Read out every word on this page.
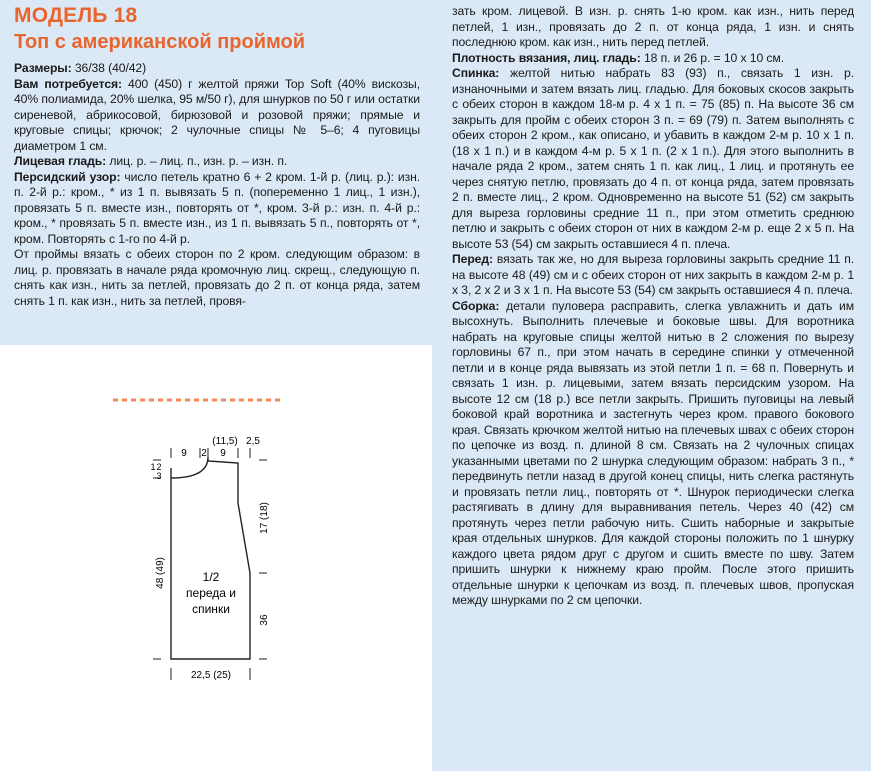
МОДЕЛЬ 18
Топ с американской проймой

Размеры: 36/38 (40/42)

Вам потребуется: 400 (450) г желтой пряжи Top Soft (40% вискозы, 40% полиамида, 20% шелка, 95 м/50 г), для шнурков по 50 г или остатки сиреневой, абрикосовой, бирюзовой и розовой пряжи; прямые и круговые спицы; крючок; 2 чулочные спицы № 5–6; 4 пуговицы диаметром 1 см.

Лицевая гладь: лиц. р. – лиц. п., изн. р. – изн. п.

Персидский узор: число петель кратно 6 + 2 кром. 1-й р. (лиц. р.): изн. п. 2-й р.: кром., * из 1 п. вывязать 5 п. (попеременно 1 лиц., 1 изн.), провязать 5 п. вместе изн., повторять от *, кром. 3-й р.: изн. п. 4-й р.: кром., * провязать 5 п. вместе изн., из 1 п. вывязать 5 п., повторять от *, кром. Повторять с 1-го по 4-й р.

От проймы вязать с обеих сторон по 2 кром. следующим образом: в лиц. р. провязать в начале ряда кромочную лиц. скрещ., следующую п. снять как изн., нить за петлей, провязать до 2 п. от конца ряда, затем снять 1 п. как изн., нить за петлей, провя-

зать кром. лицевой. В изн. р. снять 1-ю кром. как изн., нить перед петлей, 1 изн., провязать до 2 п. от конца ряда, 1 изн. и снять последнюю кром. как изн., нить перед петлей.

Плотность вязания, лиц. гладь: 18 п. и 26 р. = 10 х 10 см.

Спинка: желтой нитью набрать 83 (93) п., связать 1 изн. р. изнаночными и затем вязать лиц. гладью. Для боковых скосов закрыть с обеих сторон в каждом 18-м р. 4 х 1 п. = 75 (85) п. На высоте 36 см закрыть для пройм с обеих сторон 3 п. = 69 (79) п. Затем выполнять с обеих сторон 2 кром., как описано, и убавить в каждом 2-м р. 10 х 1 п. (18 х 1 п.) и в каждом 4-м р. 5 х 1 п. (2 х 1 п.). Для этого выполнить в начале ряда 2 кром., затем снять 1 п. как лиц., 1 лиц. и протянуть ее через снятую петлю, провязать до 4 п. от конца ряда, затем провязать 2 п. вместе лиц., 2 кром. Одновременно на высоте 51 (52) см закрыть для выреза горловины средние 11 п., при этом отметить среднюю петлю и закрыть с обеих сторон от них в каждом 2-м р. еще 2 х 5 п. На высоте 53 (54) см закрыть оставшиеся 4 п. плеча.

Перед: вязать так же, но для выреза горловины закрыть средние 11 п. на высоте 48 (49) см и с обеих сторон от них закрыть в каждом 2-м р. 1 х 3, 2 х 2 и 3 х 1 п. На высоте 53 (54) см закрыть оставшиеся 4 п. плеча.

Сборка: детали пуловера расправить, слегка увлажнить и дать им высохнуть. Выполнить плечевые и боковые швы. Для воротника набрать на круговые спицы желтой нитью в 2 сложения по вырезу горловины 67 п., при этом начать в середине спинки у отмеченной петли и в конце ряда вывязать из этой петли 1 п. = 68 п. Повернуть и связать 1 изн. р. лицевыми, затем вязать персидским узором. На высоте 12 см (18 р.) все петли закрыть. Пришить пуговицы на левый боковой край воротника и застегнуть через кром. правого бокового края. Связать крючком желтой нитью на плечевых швах с обеих сторон по цепочке из возд. п. длиной 8 см. Связать на 2 чулочных спицах указанными цветами по 2 шнурка следующим образом: набрать 3 п., * передвинуть петли назад в другой конец спицы, нить слегка растянуть и провязать петли лиц., повторять от *. Шнурок периодически слегка растягивать в длину для выравнивания петель. Через 40 (42) см протянуть через петли рабочую нить. Сшить наборные и закрытые края отдельных шнурков. Для каждой стороны положить по 1 шнурку каждого цвета рядом друг с другом и сшить вместе по шву. Затем пришить шнурки к нижнему краю пройм. После этого пришить отдельные шнурки к цепочкам из возд. п. плечевых швов, пропуская между шнурками по 2 см цепочки.

9 2 9
(11,5) 2,5
2
3
1
48 (49)
17 (18)
36
22,5 (25)
1/2
переда и
спинки
